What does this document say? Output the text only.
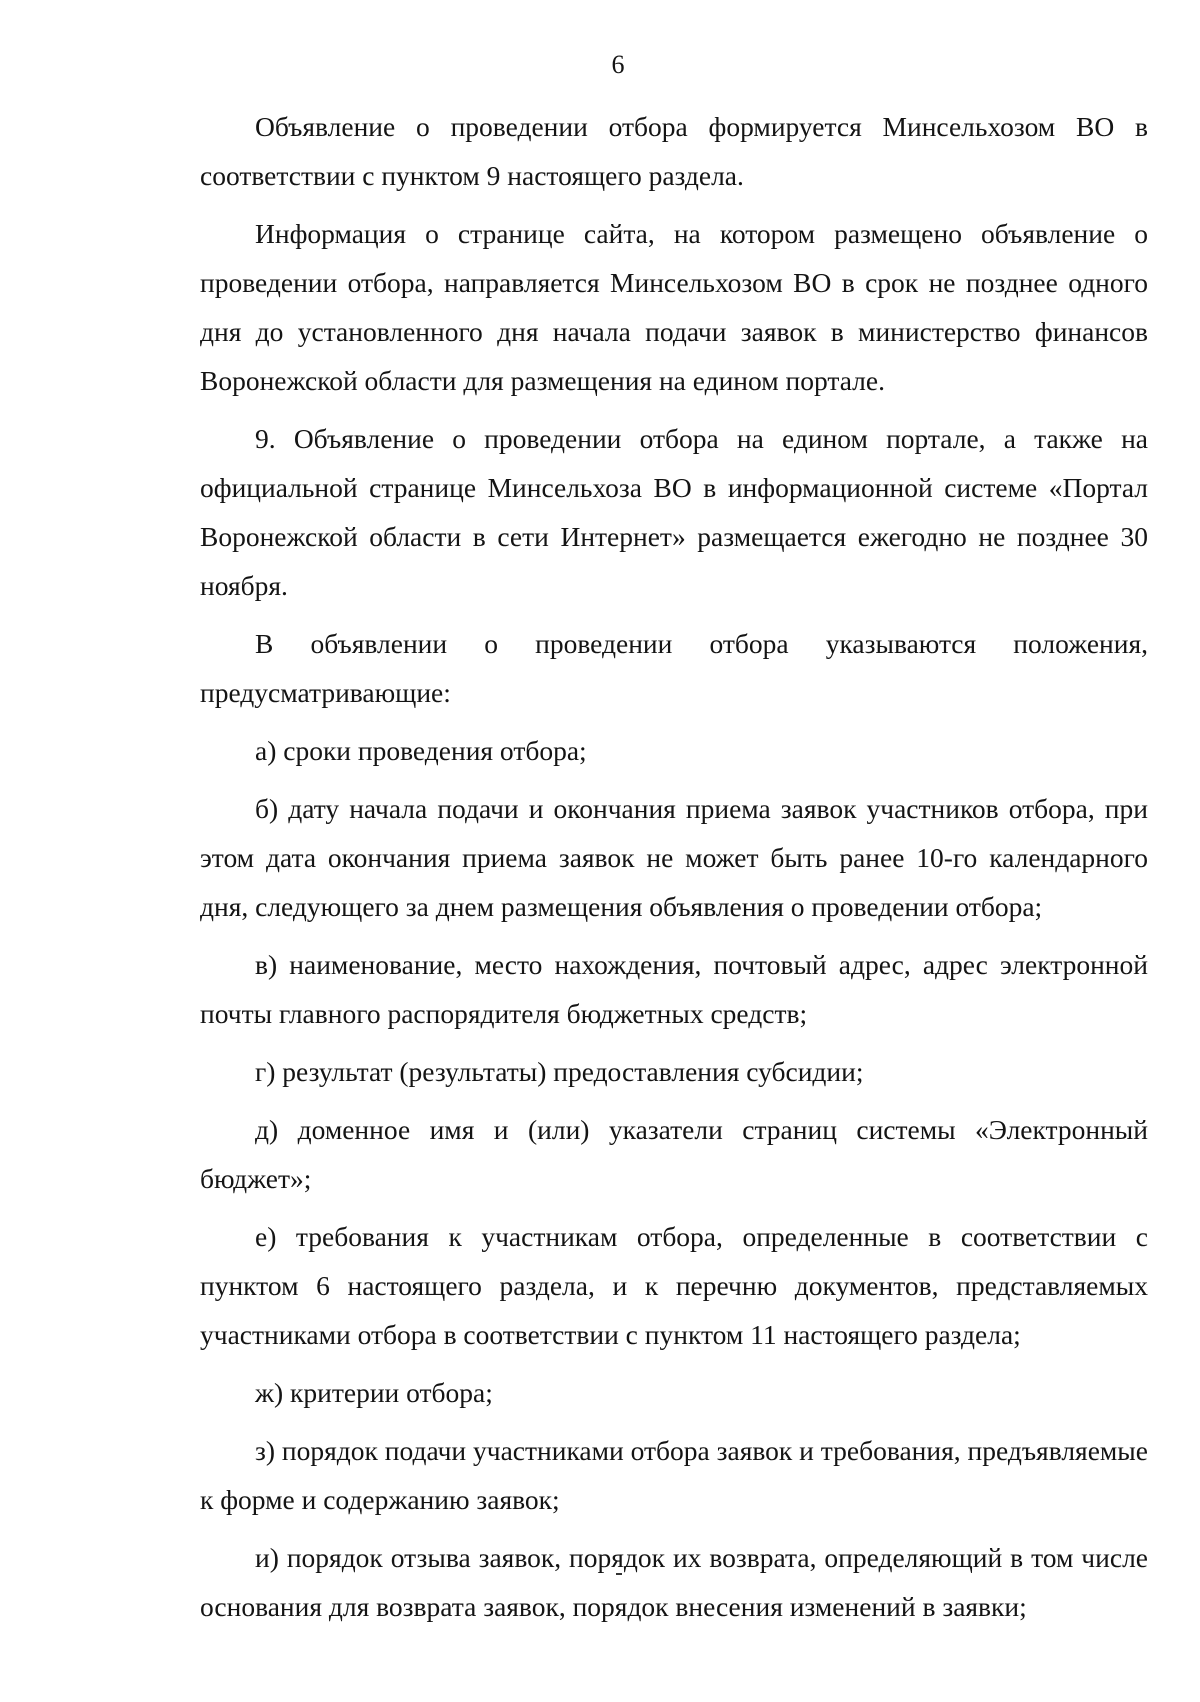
6

Объявление о проведении отбора формируется Минсельхозом ВО в соответствии с пунктом 9 настоящего раздела.

Информация о странице сайта, на котором размещено объявление о проведении отбора, направляется Минсельхозом ВО в срок не позднее одного дня до установленного дня начала подачи заявок в министерство финансов Воронежской области для размещения на едином портале.

9. Объявление о проведении отбора на едином портале, а также на официальной странице Минсельхоза ВО в информационной системе «Портал Воронежской области в сети Интернет» размещается ежегодно не позднее 30 ноября.

В объявлении о проведении отбора указываются положения, предусматривающие:

а) сроки проведения отбора;

б) дату начала подачи и окончания приема заявок участников отбора, при этом дата окончания приема заявок не может быть ранее 10-го календарного дня, следующего за днем размещения объявления о проведении отбора;

в) наименование, место нахождения, почтовый адрес, адрес электронной почты главного распорядителя бюджетных средств;

г) результат (результаты) предоставления субсидии;

д) доменное имя и (или) указатели страниц системы «Электронный бюджет»;

е) требования к участникам отбора, определенные в соответствии с пунктом 6 настоящего раздела, и к перечню документов, представляемых участниками отбора в соответствии с пунктом 11 настоящего раздела;

ж) критерии отбора;

з) порядок подачи участниками отбора заявок и требования, предъявляемые к форме и содержанию заявок;

и) порядок отзыва заявок, порядок их возврата, определяющий в том числе основания для возврата заявок, порядок внесения изменений в заявки;
